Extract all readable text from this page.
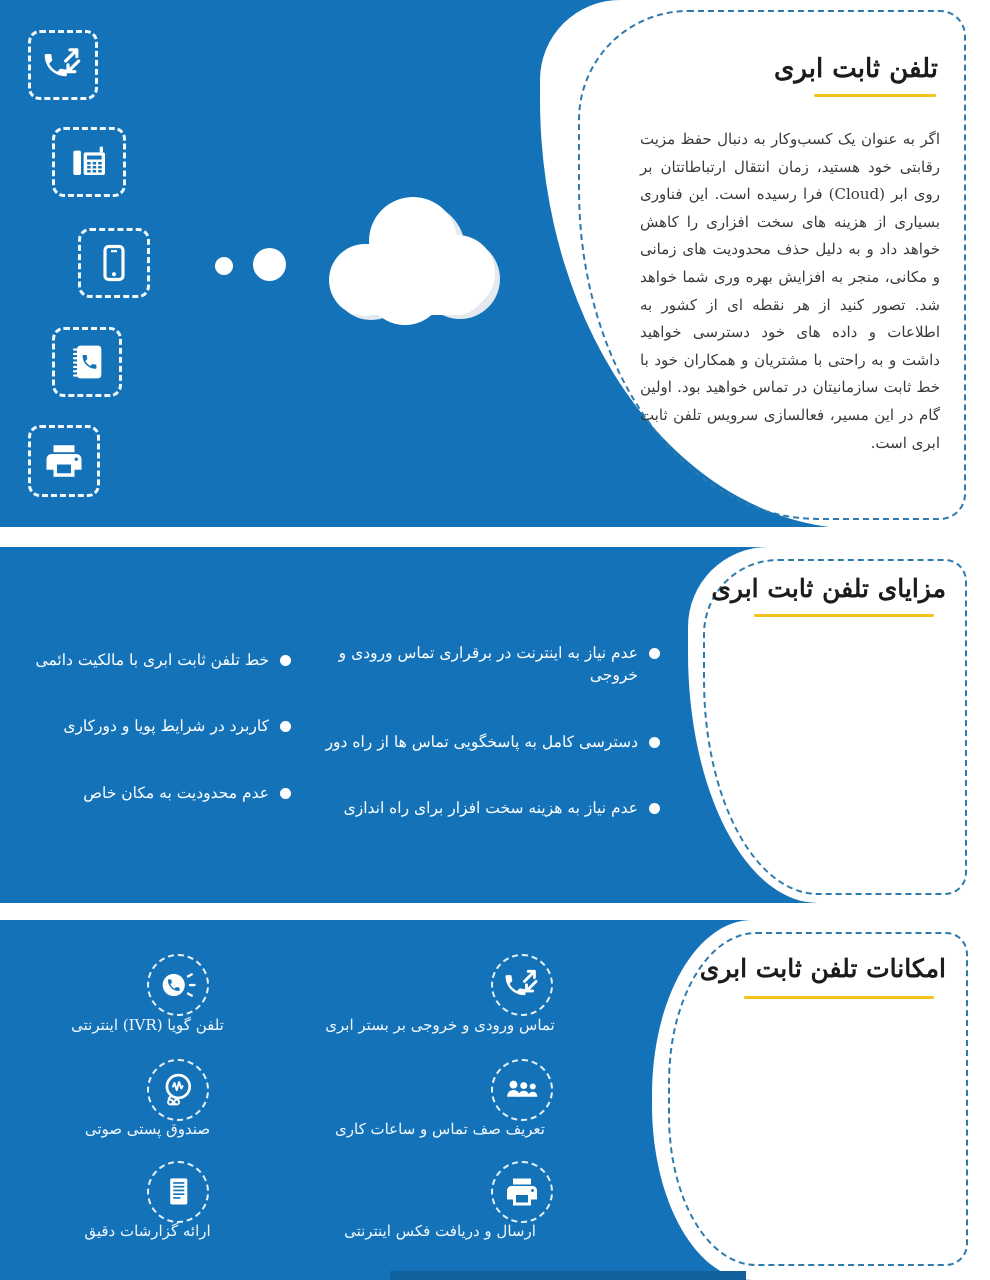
تلفن ثابت ابری
اگر به عنوان یک کسب‌وکار به دنبال حفظ مزیت رقابتی خود هستید، زمان انتقال ارتباطاتتان بر روی ابر (Cloud) فرا رسیده است. این فناوری بسیاری از هزینه های سخت افزاری را کاهش خواهد داد و به دلیل حذف محدودیت های زمانی و مکانی، منجر به افزایش بهره وری شما خواهد شد. تصور کنید از هر نقطه ای از کشور به اطلاعات و داده های خود دسترسی خواهید داشت و به راحتی با مشتریان و همکاران خود با خط ثابت سازمانیتان در تماس خواهید بود. اولین گام در این مسیر، فعالسازی سرویس تلفن ثابت ابری است.
مزایای تلفن ثابت ابری
عدم نیاز به اینترنت در برقراری تماس ورودی و خروجی
دسترسی کامل به پاسخگویی تماس ها از راه دور
عدم نیاز به هزینه سخت افزار برای راه اندازی
خط تلفن ثابت ابری با مالکیت دائمی
کاربرد در شرایط پویا و دورکاری
عدم محدودیت به مکان خاص
امکانات تلفن ثابت ابری
تماس ورودی و خروجی بر بستر ابری
تعریف صف تماس و ساعات کاری
ارسال و دریافت فکس اینترنتی
تلفن گویا (IVR) اینترنتی
صندوق پستی صوتی
ارائه گزارشات دقیق
